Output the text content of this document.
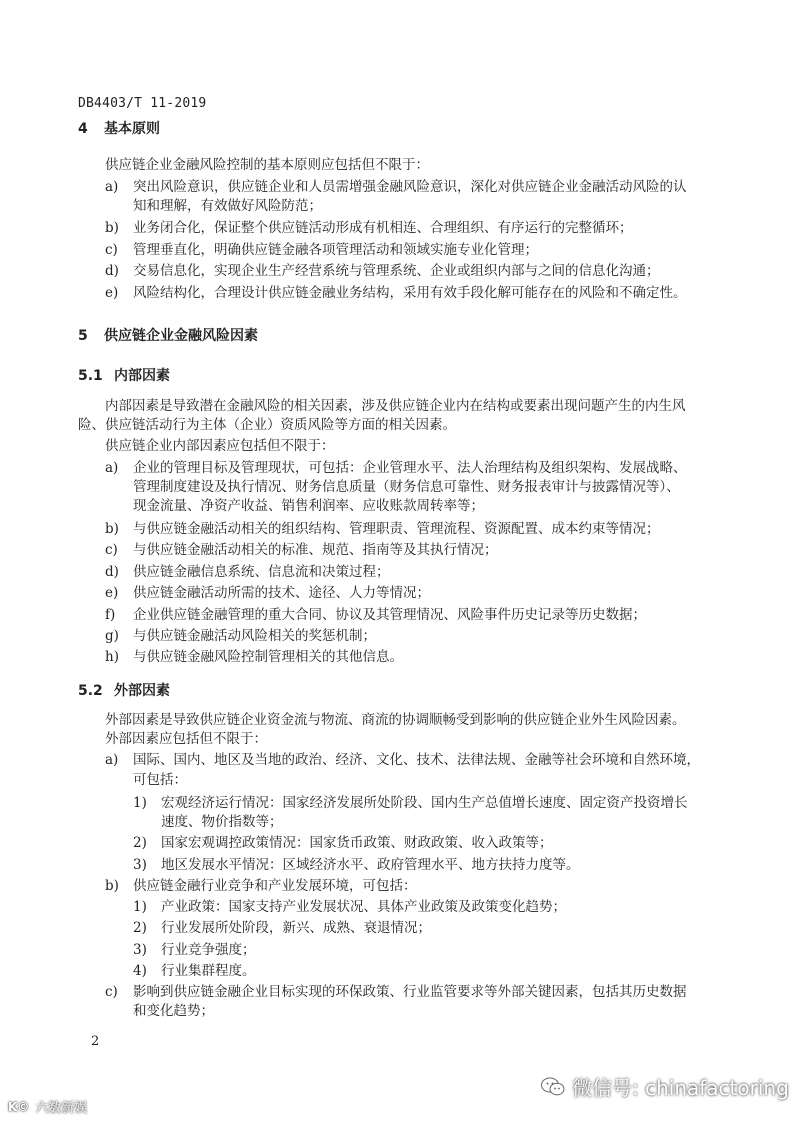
DB4403/T 11-2019
4 基本原则
供应链企业金融风险控制的基本原则应包括但不限于：
a) 突出风险意识，供应链企业和人员需增强金融风险意识，深化对供应链企业金融活动风险的认
知和理解，有效做好风险防范；
b) 业务闭合化，保证整个供应链活动形成有机相连、合理组织、有序运行的完整循环；
c) 管理垂直化，明确供应链金融各项管理活动和领域实施专业化管理；
d) 交易信息化，实现企业生产经营系统与管理系统、企业或组织内部与之间的信息化沟通；
e) 风险结构化，合理设计供应链金融业务结构，采用有效手段化解可能存在的风险和不确定性。
5 供应链企业金融风险因素
5.1 内部因素
内部因素是导致潜在金融风险的相关因素，涉及供应链企业内在结构或要素出现问题产生的内生风
险、供应链活动行为主体（企业）资质风险等方面的相关因素。
供应链企业内部因素应包括但不限于：
a) 企业的管理目标及管理现状，可包括：企业管理水平、法人治理结构及组织架构、发展战略、
管理制度建设及执行情况、财务信息质量（财务信息可靠性、财务报表审计与披露情况等）、
现金流量、净资产收益、销售利润率、应收账款周转率等；
b) 与供应链金融活动相关的组织结构、管理职责、管理流程、资源配置、成本约束等情况；
c) 与供应链金融活动相关的标准、规范、指南等及其执行情况；
d) 供应链金融信息系统、信息流和决策过程；
e) 供应链金融活动所需的技术、途径、人力等情况；
f) 企业供应链金融管理的重大合同、协议及其管理情况、风险事件历史记录等历史数据；
g) 与供应链金融活动风险相关的奖惩机制；
h) 与供应链金融风险控制管理相关的其他信息。
5.2 外部因素
外部因素是导致供应链企业资金流与物流、商流的协调顺畅受到影响的供应链企业外生风险因素。
外部因素应包括但不限于：
a) 国际、国内、地区及当地的政治、经济、文化、技术、法律法规、金融等社会环境和自然环境，
可包括：
1) 宏观经济运行情况：国家经济发展所处阶段、国内生产总值增长速度、固定资产投资增长
速度、物价指数等；
2) 国家宏观调控政策情况：国家货币政策、财政政策、收入政策等；
3) 地区发展水平情况：区域经济水平、政府管理水平、地方扶持力度等。
b) 供应链金融行业竞争和产业发展环境，可包括：
1) 产业政策：国家支持产业发展状况、具体产业政策及政策变化趋势；
2) 行业发展所处阶段，新兴、成熟、衰退情况；
3) 行业竞争强度；
4) 行业集群程度。
c) 影响到供应链金融企业目标实现的环保政策、行业监管要求等外部关键因素，包括其历史数据
和变化趋势；
2
微信号: chinafactoring
K© 六数新娱
